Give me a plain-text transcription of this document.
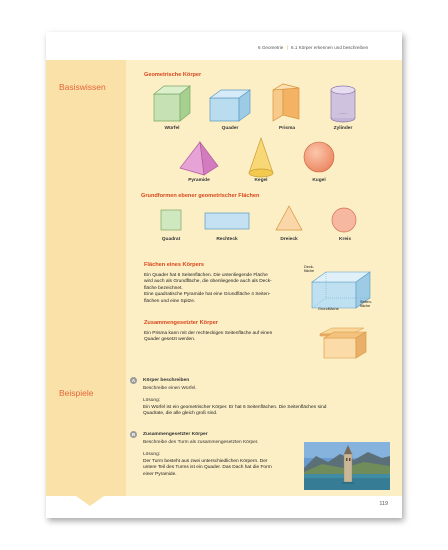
6 Geometrie | 6.1 Körper erkennen und beschreiben
Basiswissen
Geometrische Körper
Würfel	Quader	Prisma	Zylinder
Pyramide	Kegel	Kugel
Grundformen ebener geometrischer Flächen
Quadrat	Rechteck	Dreieck	Kreis
Flächen eines Körpers
Ein Quader hat 6 Seitenflächen. Die untenliegende Fläche
wird auch als Grundfläche, die obenliegende auch als Deck-
fläche bezeichnet.
Eine quadratische Pyramide hat eine Grundfläche 4 Seiten-
flächen und eine Spitze.
Deck-
fläche
Grundfläche
Seiten-
fläche
Zusammengesetzter Körper
Ein Prisma kann mit der rechteckigen Seitenfläche auf einen
Quader gesetzt werden.
Beispiele
A	Körper beschreiben
Beschreibe einen Würfel.
Lösung:
Ein Würfel ist ein geometrischer Körper. Er hat 6 Seitenflächen. Die Seitenflächen sind
Quadrate, die alle gleich groß sind.
B	Zusammengesetzter Körper
Beschreibe den Turm als zusammengesetzten Körper.
Lösung:
Der Turm besteht aus zwei unterschiedlichen Körpern. Der
untere Teil des Turms ist ein Quader. Das Dach hat die Form
einer Pyramide.
119
